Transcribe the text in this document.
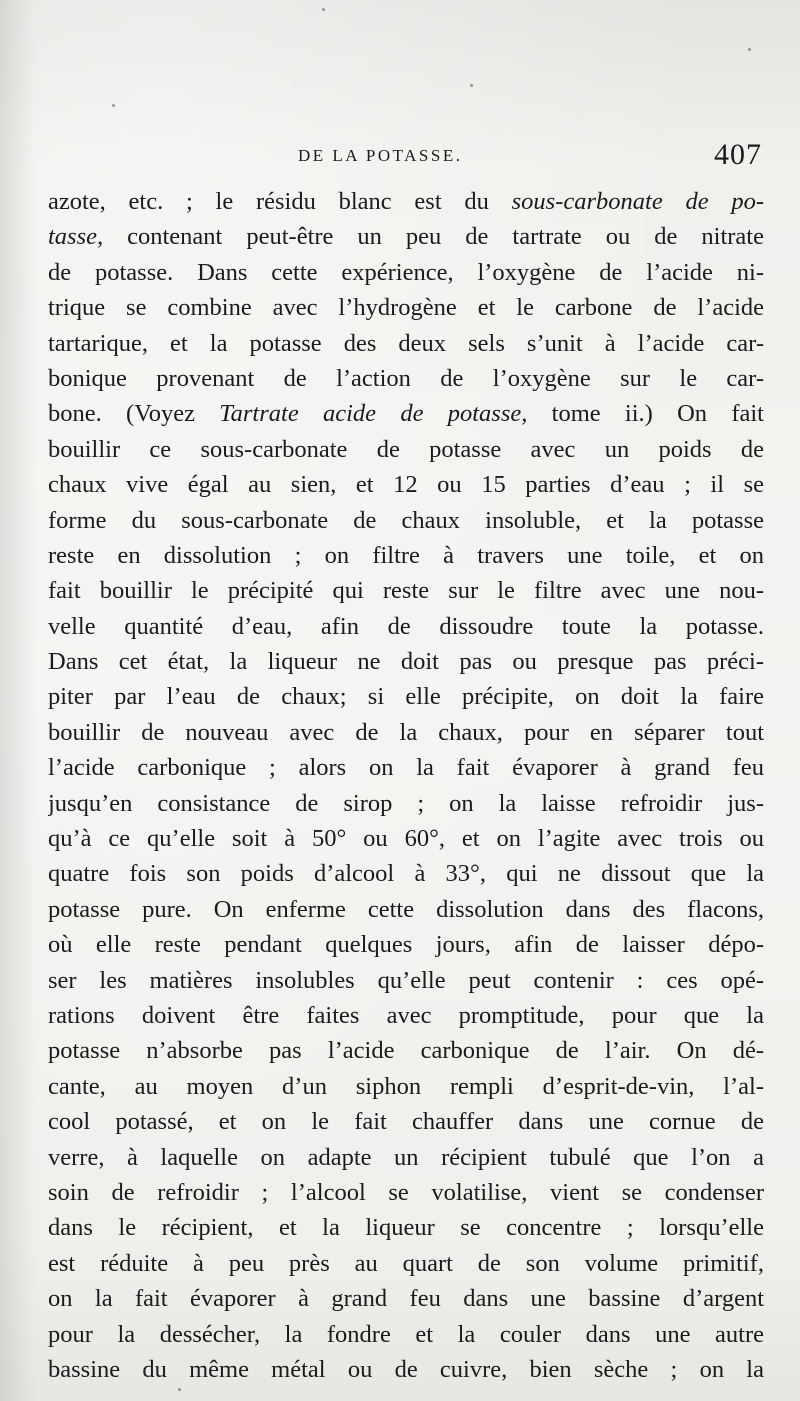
DE LA POTASSE.	407
azote, etc. ; le résidu blanc est du sous-carbonate de po-
tasse, contenant peut-être un peu de tartrate ou de nitrate
de potasse. Dans cette expérience, l’oxygène de l’acide ni-
trique se combine avec l’hydrogène et le carbone de l’acide
tartarique, et la potasse des deux sels s’unit à l’acide car-
bonique provenant de l’action de l’oxygène sur le car-
bone. (Voyez Tartrate acide de potasse, tome ii.) On fait
bouillir ce sous-carbonate de potasse avec un poids de
chaux vive égal au sien, et 12 ou 15 parties d’eau ; il se
forme du sous-carbonate de chaux insoluble, et la potasse
reste en dissolution ; on filtre à travers une toile, et on
fait bouillir le précipité qui reste sur le filtre avec une nou-
velle quantité d’eau, afin de dissoudre toute la potasse.
Dans cet état, la liqueur ne doit pas ou presque pas préci-
piter par l’eau de chaux; si elle précipite, on doit la faire
bouillir de nouveau avec de la chaux, pour en séparer tout
l’acide carbonique ; alors on la fait évaporer à grand feu
jusqu’en consistance de sirop ; on la laisse refroidir jus-
qu’à ce qu’elle soit à 50° ou 60°, et on l’agite avec trois ou
quatre fois son poids d’alcool à 33°, qui ne dissout que la
potasse pure. On enferme cette dissolution dans des flacons,
où elle reste pendant quelques jours, afin de laisser dépo-
ser les matières insolubles qu’elle peut contenir : ces opé-
rations doivent être faites avec promptitude, pour que la
potasse n’absorbe pas l’acide carbonique de l’air. On dé-
cante, au moyen d’un siphon rempli d’esprit-de-vin, l’al-
cool potassé, et on le fait chauffer dans une cornue de
verre, à laquelle on adapte un récipient tubulé que l’on a
soin de refroidir ; l’alcool se volatilise, vient se condenser
dans le récipient, et la liqueur se concentre ; lorsqu’elle
est réduite à peu près au quart de son volume primitif,
on la fait évaporer à grand feu dans une bassine d’argent
pour la dessécher, la fondre et la couler dans une autre
bassine du même métal ou de cuivre, bien sèche ; on la
